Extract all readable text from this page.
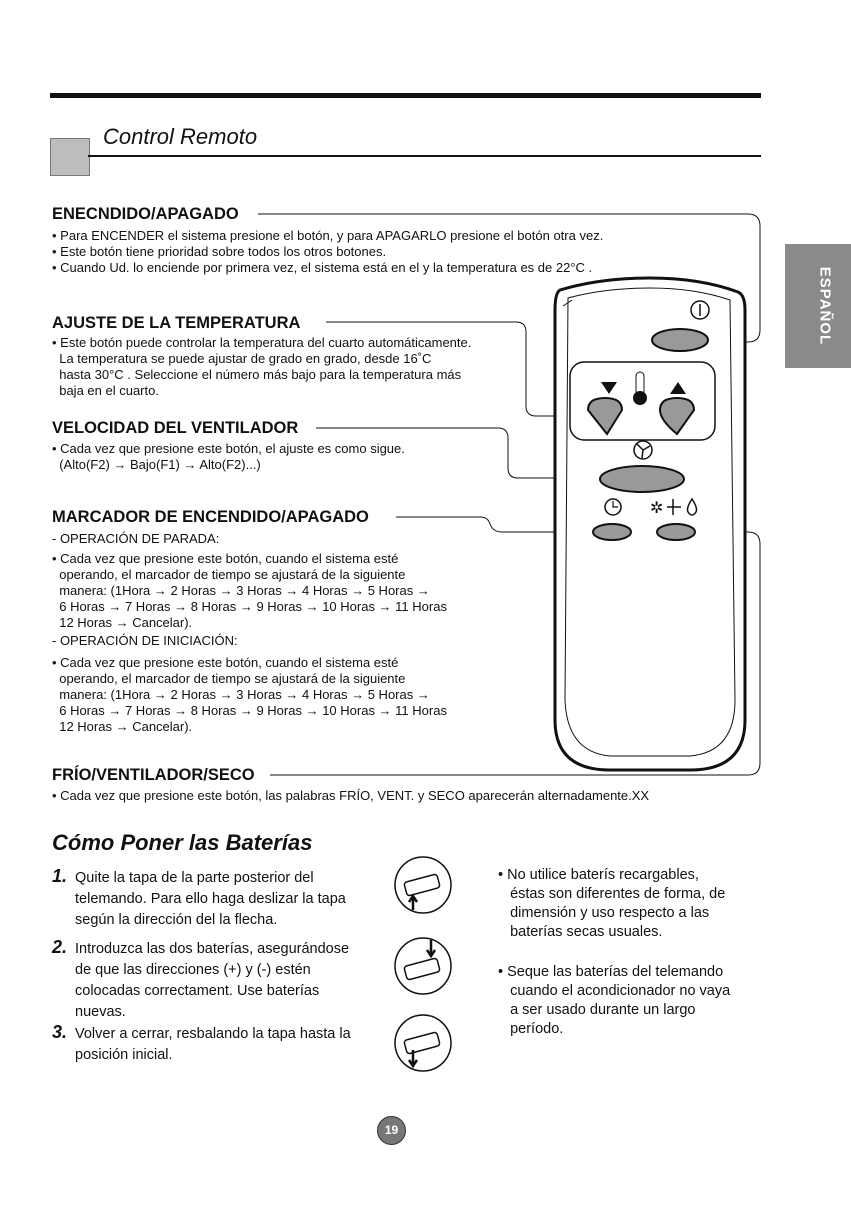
Control Remoto
ESPAÑOL
ENECNDIDO/APAGADO
• Para ENCENDER el sistema presione el botón, y para APAGARLO presione el botón otra vez.
• Este botón tiene prioridad sobre todos los otros botones.
• Cuando Ud. lo enciende por primera vez, el sistema está en el y la temperatura es de 22°C .
AJUSTE DE LA TEMPERATURA
• Este botón puede controlar la temperatura del cuarto automáticamente.
La temperatura se puede ajustar de grado en grado, desde 16˚C
hasta 30°C . Seleccione el número más bajo para la temperatura más
baja en el cuarto.
VELOCIDAD DEL VENTILADOR
• Cada vez que presione este botón, el ajuste es como sigue.
(Alto(F2) → Bajo(F1) → Alto(F2)...)
MARCADOR DE ENCENDIDO/APAGADO
- OPERACIÓN DE PARADA:
• Cada vez que presione este botón, cuando el sistema esté
operando, el marcador de tiempo se ajustará de la siguiente
manera: (1Hora → 2 Horas → 3 Horas → 4 Horas → 5 Horas →
6 Horas → 7 Horas → 8 Horas → 9 Horas → 10 Horas → 11 Horas
12 Horas → Cancelar).
- OPERACIÓN DE INICIACIÓN:
• Cada vez que presione este botón, cuando el sistema esté
operando, el marcador de tiempo se ajustará de la siguiente
manera: (1Hora → 2 Horas → 3 Horas → 4 Horas → 5 Horas →
6 Horas → 7 Horas → 8 Horas → 9 Horas → 10 Horas → 11 Horas
12 Horas → Cancelar).
FRÍO/VENTILADOR/SECO
• Cada vez que presione este botón, las palabras FRÍO, VENT. y SECO aparecerán alternadamente.XX
✲
Cómo Poner las Baterías
1. Quite la tapa de la parte posterior del
telemando. Para ello haga deslizar la tapa
según la dirección del la flecha.
2. Introduzca las dos baterías, asegurándose
de que las direcciones (+) y (-) estén
colocadas correctament. Use baterías
nuevas.
3. Volver a cerrar, resbalando la tapa hasta la
posición inicial.
• No utilice baterís recargables,
éstas son diferentes de forma, de
dimensión y uso respecto a las
baterías secas usuales.
• Seque las baterías del telemando
cuando el acondicionador no vaya
a ser usado durante un largo
período.
19
